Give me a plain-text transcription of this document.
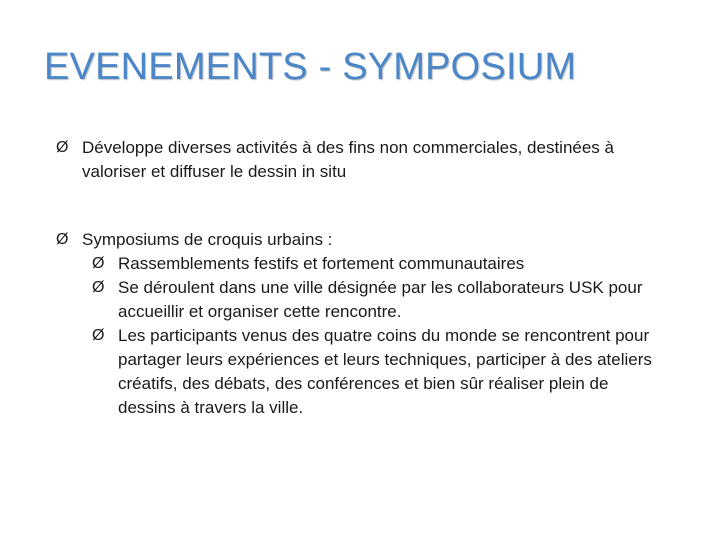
EVENEMENTS - SYMPOSIUM
Ø Développe diverses activités à des fins non commerciales, destinées à valoriser et diffuser le dessin in situ
Ø Symposiums de croquis urbains :
Ø Rassemblements festifs et fortement communautaires
Ø Se déroulent dans une ville désignée par les collaborateurs USK pour accueillir et organiser cette rencontre.
Ø Les participants venus des quatre coins du monde se rencontrent pour partager leurs expériences et leurs techniques, participer à des ateliers créatifs, des débats, des conférences et bien sûr réaliser plein de dessins à travers la ville.
